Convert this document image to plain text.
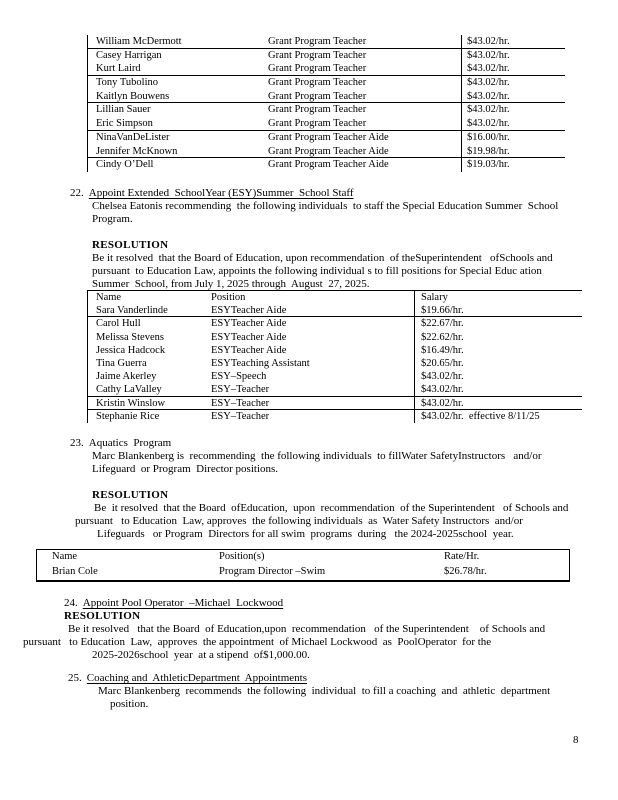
William McDermott	Grant Program Teacher	$43.02/hr.
Casey Harrigan	Grant Program Teacher	$43.02/hr.
Kurt Laird	Grant Program Teacher	$43.02/hr.
Tony Tubolino	Grant Program Teacher	$43.02/hr.
Kaitlyn Bouwens	Grant Program Teacher	$43.02/hr.
Lillian Sauer	Grant Program Teacher	$43.02/hr.
Eric Simpson	Grant Program Teacher	$43.02/hr.
NinaVanDeLister	Grant Program Teacher Aide	$16.00/hr.
Jennifer McKnown	Grant Program Teacher Aide	$19.98/hr.
Cindy O’Dell	Grant Program Teacher Aide	$19.03/hr.
22. Appoint Extended  SchoolYear (ESY)Summer  School Staff
Chelsea Eatonis recommending  the following individuals  to staff the Special Education Summer  School
Program.
RESOLUTION
Be it resolved  that the Board of Education, upon recommendation  of theSuperintendent   ofSchools and
pursuant  to Education Law, appoints the following individual s to fill positions for Special Educ ation
Summer  School, from July 1, 2025 through  August  27, 2025.
Name	Position	Salary
Sara Vanderlinde	ESYTeacher Aide	$19.66/hr.
Carol Hull	ESYTeacher Aide	$22.67/hr.
Melissa Stevens	ESYTeacher Aide	$22.62/hr.
Jessica Hadcock	ESYTeacher Aide	$16.49/hr.
Tina Guerra	ESYTeaching Assistant	$20.65/hr.
Jaime Akerley	ESY–Speech	$43.02/hr.
Cathy LaValley	ESY–Teacher	$43.02/hr.
Kristin Winslow	ESY–Teacher	$43.02/hr.
Stephanie Rice	ESY–Teacher	$43.02/hr.  effective 8/11/25
23. Aquatics  Program
Marc Blankenberg is  recommending  the following individuals  to fillWater SafetyInstructors   and/or
Lifeguard  or Program  Director positions.
RESOLUTION
Be  it resolved  that the Board  ofEducation,  upon  recommendation  of the Superintendent   of Schools and
pursuant   to Education  Law, approves  the following individuals  as  Water Safety Instructors  and/or
Lifeguards   or Program  Directors for all swim  programs  during   the 2024-2025school  year.
Name	Position(s)	Rate/Hr.
Brian Cole	Program Director –Swim	$26.78/hr.
24. Appoint Pool Operator  –Michael  Lockwood
RESOLUTION
Be it resolved   that the Board  of Education,upon  recommendation   of the Superintendent    of Schools and
pursuant   to Education  Law,  approves  the appointment  of Michael Lockwood  as  PoolOperator  for the
2025-2026school  year  at a stipend  of$1,000.00.
25. Coaching and  AthleticDepartment  Appointments
Marc Blankenberg  recommends  the following  individual  to fill a coaching  and  athletic  department
position.
8
